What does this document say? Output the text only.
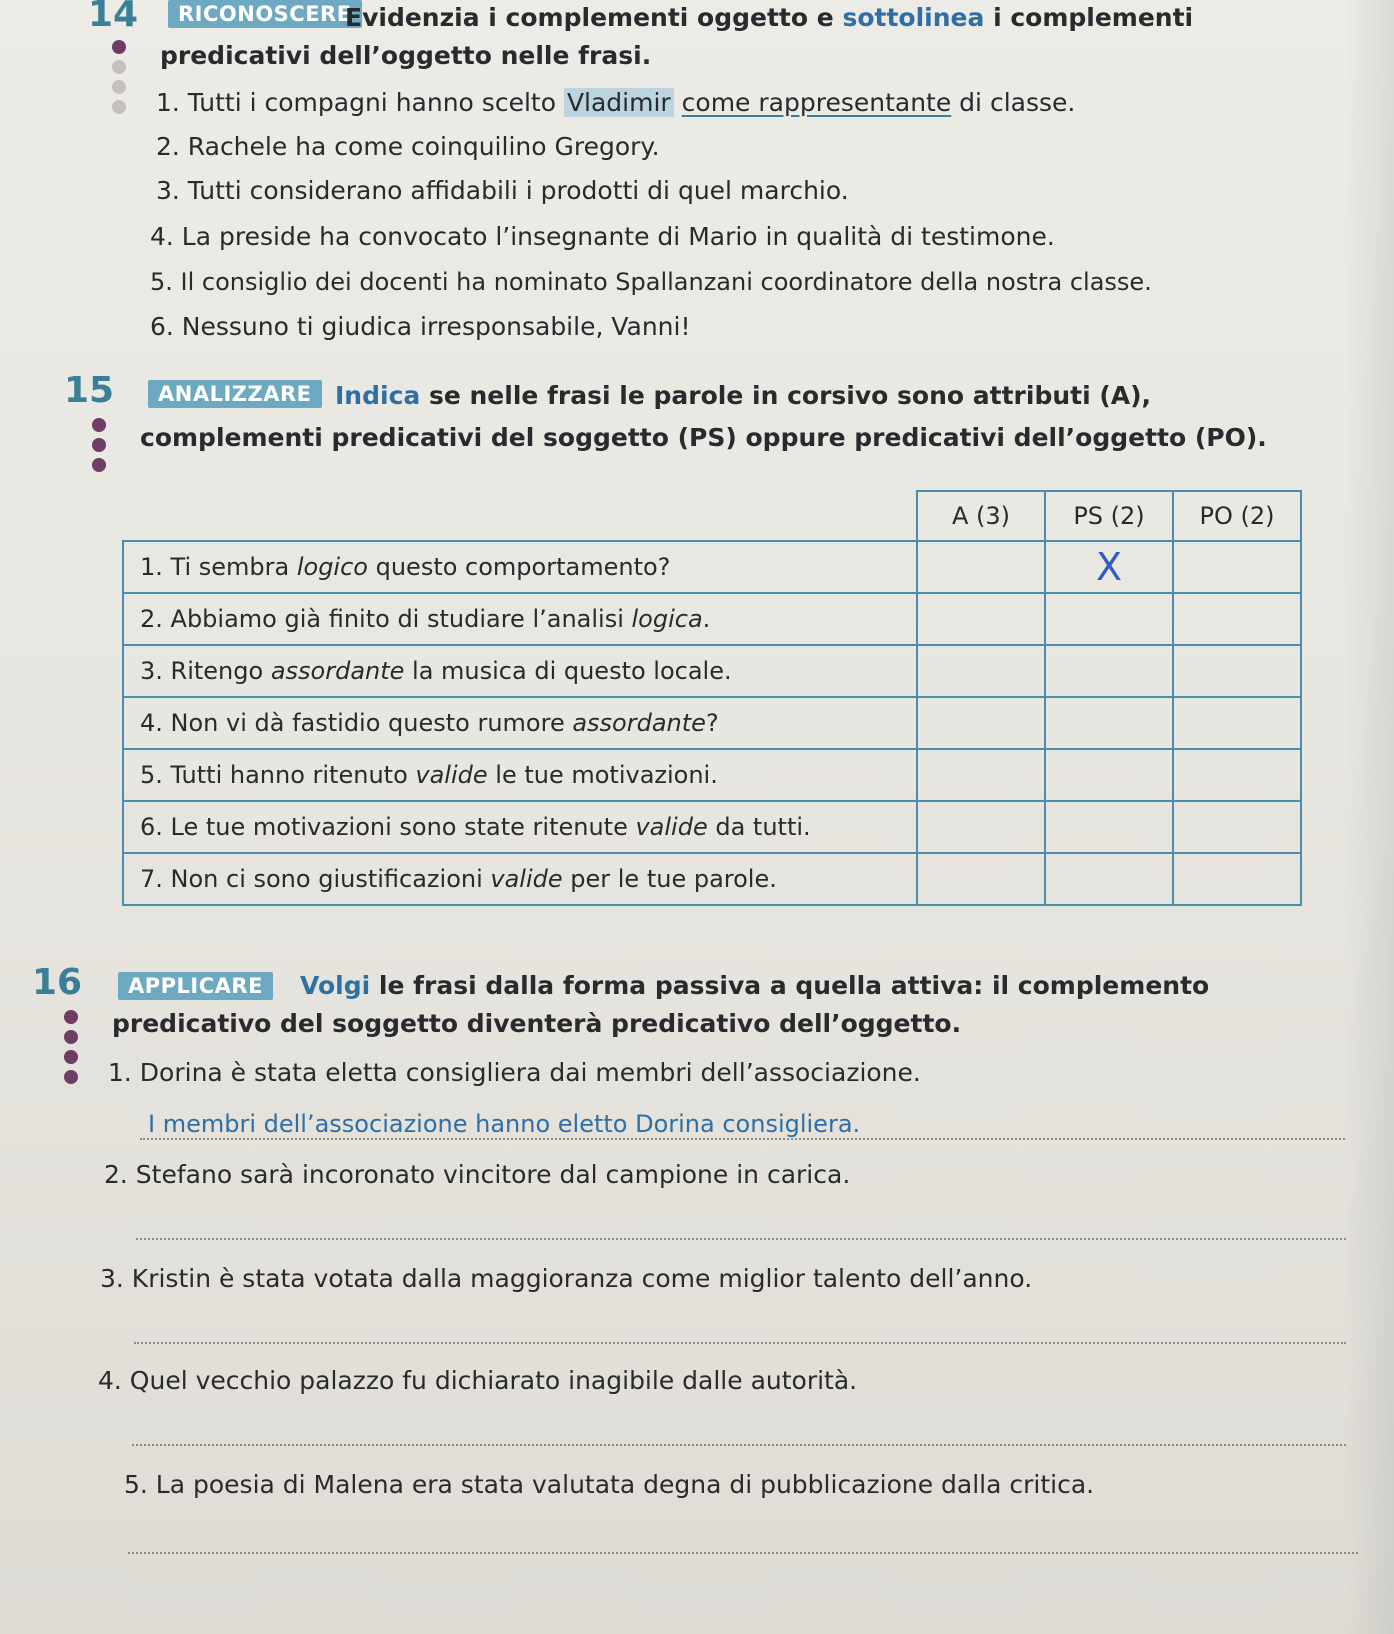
14	RICONOSCERE
Evidenzia i complementi oggetto e sottolinea i complementi
predicativi dell’oggetto nelle frasi.
1. Tutti i compagni hanno scelto Vladimir come rappresentante di classe.
2. Rachele ha come coinquilino Gregory.
3. Tutti considerano affidabili i prodotti di quel marchio.
4. La preside ha convocato l’insegnante di Mario in qualità di testimone.
5. Il consiglio dei docenti ha nominato Spallanzani coordinatore della nostra classe.
6. Nessuno ti giudica irresponsabile, Vanni!
15	ANALIZZARE Indica se nelle frasi le parole in corsivo sono attributi (A),
complementi predicativi del soggetto (PS) oppure predicativi dell’oggetto (PO).
	A (3)	PS (2)	PO (2)
1. Ti sembra logico questo comportamento?		X	
2. Abbiamo già finito di studiare l’analisi logica.			
3. Ritengo assordante la musica di questo locale.			
4. Non vi dà fastidio questo rumore assordante?			
5. Tutti hanno ritenuto valide le tue motivazioni.			
6. Le tue motivazioni sono state ritenute valide da tutti.			
7. Non ci sono giustificazioni valide per le tue parole.			
16	APPLICARE	Volgi le frasi dalla forma passiva a quella attiva: il complemento
predicativo del soggetto diventerà predicativo dell’oggetto.
1. Dorina è stata eletta consigliera dai membri dell’associazione.
I membri dell’associazione hanno eletto Dorina consigliera.
2. Stefano sarà incoronato vincitore dal campione in carica.
3. Kristin è stata votata dalla maggioranza come miglior talento dell’anno.
4. Quel vecchio palazzo fu dichiarato inagibile dalle autorità.
5. La poesia di Malena era stata valutata degna di pubblicazione dalla critica.
